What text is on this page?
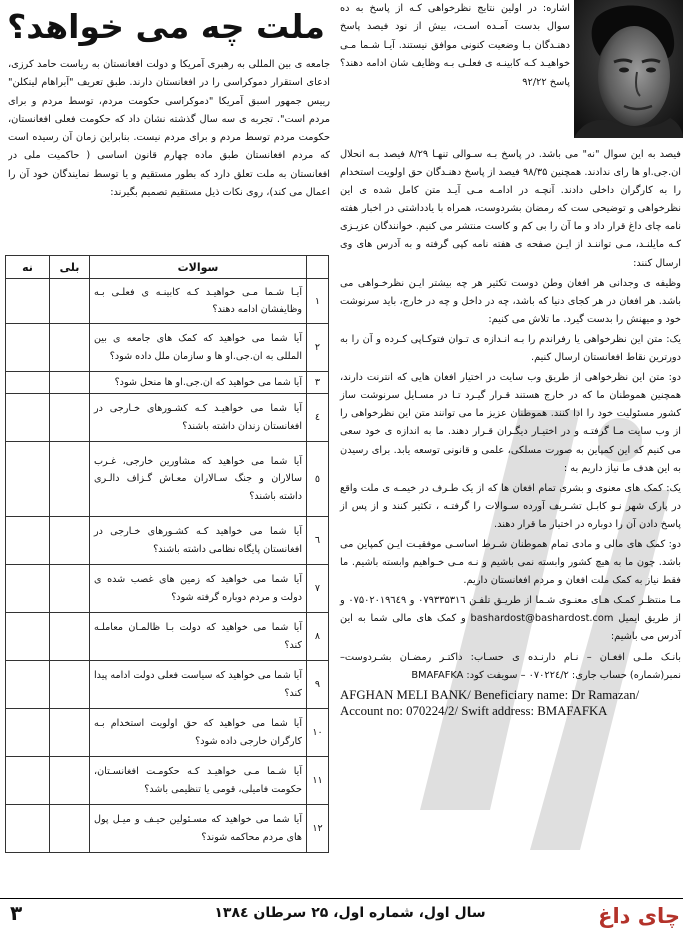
ملت چه می خواهد؟
جامعه ی بین المللی به رهبری آمریکا و دولت افغانستان به ریاست حامد کرزی، ادعای استقرار دموکراسی را در افغانستان دارند. طبق تعریف "آبراهام لینکلن" رییس جمهور اسبق آمریکا "دموکراسی حکومت مردم، توسط مردم و برای مردم است". تجربه ی سه سال گذشته نشان داد که حکومت فعلی افغانستان، حکومت مردم توسط مردم و برای مردم نیست. بنابراین زمان آن رسیده است که مردم افغانستان طبق ماده چهارم قانون اساسی ( حاکمیت ملی در افغانستان به ملت تعلق دارد که بطور مستقیم و یا توسط نمایندگان خود آن را اعمال می کند)، روی نکات ذیل مستقیم تصمیم بگیرند:
	سوالات	بلی	نه
۱	آیـا شـما مـی خواهیـد کـه کابینـه ی فعلـی بـه وظایفشان ادامه دهند؟		
۲	آیا شما می خواهید که کمک های جامعه ی بین المللی به ان.جی.او ها و سازمان ملل داده شود؟		
۳	آیا شما می خواهید که ان.جی.او ها منحل شود؟		
٤	آیا شما می خواهیـد کـه کشـورهای خـارجی در افغانستان زندان داشته باشند؟		
٥	آیا شما می خواهید که مشاورین خارجی، غـرب سالاران و جنگ سـالاران معـاش گـزاف دالـری داشته باشند؟		
٦	آیا شما می خواهید کـه کشـورهای خـارجی در افغانستان پایگاه نظامی داشته باشند؟		
۷	آیا شما می خواهید که زمین های غصب شده ی دولت و مردم دوباره گرفته شود؟		
۸	آیا شما می خواهید که دولت بـا ظالمـان معاملـه کند؟		
۹	آیا شما می خواهید که سیاست فعلی دولت ادامه پیدا کند؟		
۱۰	آیا شما می خواهید که حق اولویت استخدام بـه کارگران خارجی داده شود؟		
۱۱	آیا شـما مـی خواهیـد کـه حکومـت افغانسـتان، حکومت فامیلی، قومی یا تنظیمی باشد؟		
۱۲	آیا شما می خواهید که مسـئولین حیـف و میـل پول های مردم محاکمه شوند؟		
اشاره: در اولین نتایج نظرخواهی کـه از پاسخ به ده سوال بدست آمـده اسـت، بیش از نود فیصد پاسخ دهنـدگان بـا وضعیت کنونی موافق نیستند. آیـا شـما مـی خواهیـد کـه کابینـه ی فعلـی بـه وظایف شان ادامه دهند؟ پاسخ ۹۲/۲۲

فیصد به این سوال "نه" می باشد. در پاسخ بـه سـوالی تنهـا ۸/۲۹ فیصد بـه انحلال ان.جی.او ها رای ندادند. همچنین ۹۸/۳۵ فیصد از پاسخ دهنـدگان حق اولویت استخدام را به کارگران داخلی دادند. آنچـه در ادامـه مـی آیـد متن کامل شده ی این نظرخواهی و توضیحی ست که رمضان بشردوست، همراه با یادداشتی در اخبار هفته نامه چای داغ قرار داد و ما آن را بی کم و کاست منتشر می کنیم. خوانندگان عزیـزی کـه مایلنـد، مـی تواننـد از ایـن صفحه ی هفته نامه کپی گرفته و به آدرس های وی ارسال کنند:

وظیفه ی وجدانی هر افغان وطن دوست تکثیر هر چه بیشتر ایـن نظرخـواهی می باشد. هر افغان در هر کجای دنیا که باشد، چه در داخل و چه در خارج، باید سرنوشت خود و میهنش را بدست گیرد. ما تلاش می کنیم:

یک: متن این نظرخواهی یا رفراندم را بـه انـدازه ی تـوان فتوکـاپی کـرده و آن را به دورترین نقاط افغانستان ارسال کنیم.

دو: متن این نظرخواهی از طریق وب سایت در اختیار افغان هایی که انترنت دارند، همچنین هموطنان ما که در خارج هستند قـرار گیـرد تـا در مسـایل سرنوشت ساز کشور مسئولیت خود را ادا کنند. هموطنان عزیز ما می توانند متن این نظرخواهی را از وب سایت مـا گرفتـه و در اختیـار دیگـران قـرار دهند. ما به اندازه ی خود سعی می کنیم که این کمپاین به صورت مسلکی، علمی و قانونی توسعه یابد. برای رسیدن به این هدف ما نیاز داریم به :

یک: کمک های معنوی و بشری تمام افغان ها که از یک طـرف در خیمـه ی ملت واقع در پارک شهر نـو کابـل تشـریف آورده سـوالات را گرفتـه ، تکثیر کنند و از پس از پاسخ دادن آن را دوباره در اختیار ما قرار دهند.

دو: کمک های مالی و مادی تمام هموطنان شـرط اساسـی موفقیـت ایـن کمپاین می باشد. چون ما به هیچ کشور وابسته نمی باشیم و نـه مـی خـواهیم وابسته باشیم. ما فقط نیاز به کمک ملت افغان و مردم افغانستان داریم.

مـا منتظـر کمـک هـای معنـوی شـما از طریـق تلفـن ۰۷۹۳۳۵۳۱٦ و ۰۷۵۰۲۰۱۹٦٤۹ و از طریق ایمیل bashardost@bashardost.com و کمک های مالی شما به این آدرس می باشیم:

بانـک ملـی افغـان – نـام دارنـده ی حسـاب: داکتـر رمضـان بشـردوست– نمبر(شماره) حساب جاری: ۰۷۰۲۲٤/۲ – سویفت کود: BMAFAFKA

AFGHAN MELI BANK/ Beneficiary name: Dr Ramazan/
Account no: 070224/2/ Swift address: BMAFAFKA
۳	سال اول، شماره اول، ۲۵ سرطان ۱۳۸٤	چای داغ
